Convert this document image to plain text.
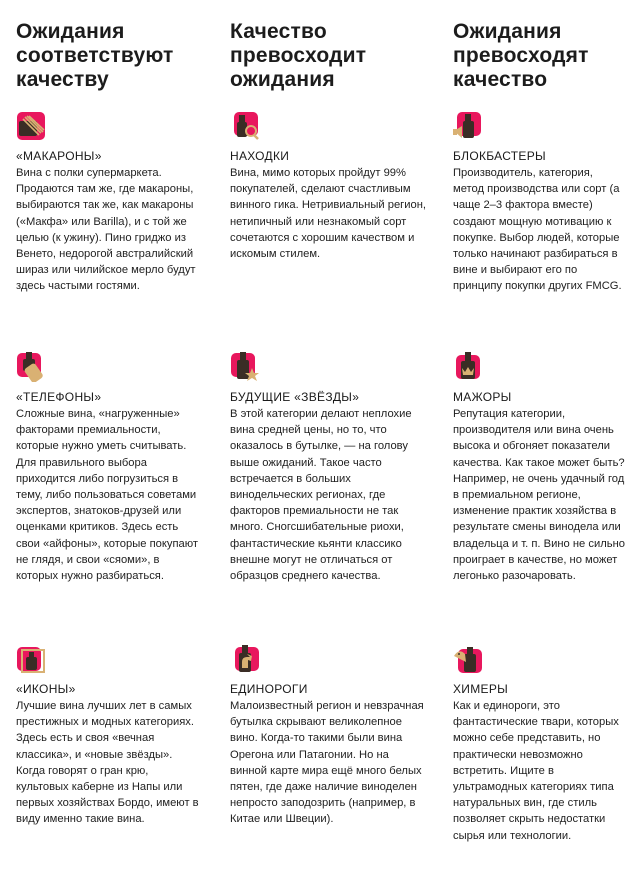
Ожидания соответствуют качеству
Качество превосходит ожидания
Ожидания превосходят качество

«МАКАРОНЫ»

Вина с полки супермаркета. Продаются там же, где макароны, выбираются так же, как макароны («Макфа» или Barilla), и с той же целью (к ужину). Пино гриджо из Венето, недорогой австралийский шираз или чилийское мерло будут здесь частыми гостями.

НАХОДКИ

Вина, мимо которых пройдут 99% покупателей, сделают счастливым винного гика. Нетривиальный регион, нетипичный или незнакомый сорт сочетаются с хорошим качеством и искомым стилем.

БЛОКБАСТЕРЫ

Производитель, категория, метод производства или сорт (а чаще 2–3 фактора вместе) создают мощную мотивацию к покупке. Выбор людей, которые только начинают разбираться в вине и выбирают его по принципу покупки других FMCG.

«ТЕЛЕФОНЫ»

Сложные вина, «нагруженные» факторами премиальности, которые нужно уметь считывать. Для правильного выбора приходится либо погрузиться в тему, либо пользоваться советами экспертов, знатоков-друзей или оценками критиков. Здесь есть свои «айфоны», которые покупают не глядя, и свои «сяоми», в которых нужно разбираться.

БУДУЩИЕ «ЗВЁЗДЫ»

В этой категории делают неплохие вина средней цены, но то, что оказалось в бутылке, — на голову выше ожиданий. Такое часто встречается в больших винодельческих регионах, где факторов премиальности не так много. Сногсшибательные риохи, фантастические кьянти классико внешне могут не отличаться от образцов среднего качества.

МАЖОРЫ

Репутация категории, производителя или вина очень высока и обгоняет показатели качества. Как такое может быть? Например, не очень удачный год в премиальном регионе, изменение практик хозяйства в результате смены винодела или владельца и т. п. Вино не сильно проиграет в качестве, но может легонько разочаровать.

«ИКОНЫ»

Лучшие вина лучших лет в самых престижных и модных категориях. Здесь есть и своя «вечная классика», и «новые звёзды». Когда говорят о гран крю, культовых каберне из Напы или первых хозяйствах Бордо, имеют в виду именно такие вина.

ЕДИНОРОГИ

Малоизвестный регион и невзрачная бутылка скрывают великолепное вино. Когда-то такими были вина Орегона или Патагонии. Но на винной карте мира ещё много белых пятен, где даже наличие виноделен непросто заподозрить (например, в Китае или Швеции).

ХИМЕРЫ

Как и единороги, это фантастические твари, которых можно себе представить, но практически невозможно встретить. Ищите в ультрамодных категориях типа натуральных вин, где стиль позволяет скрыть недостатки сырья или технологии.
